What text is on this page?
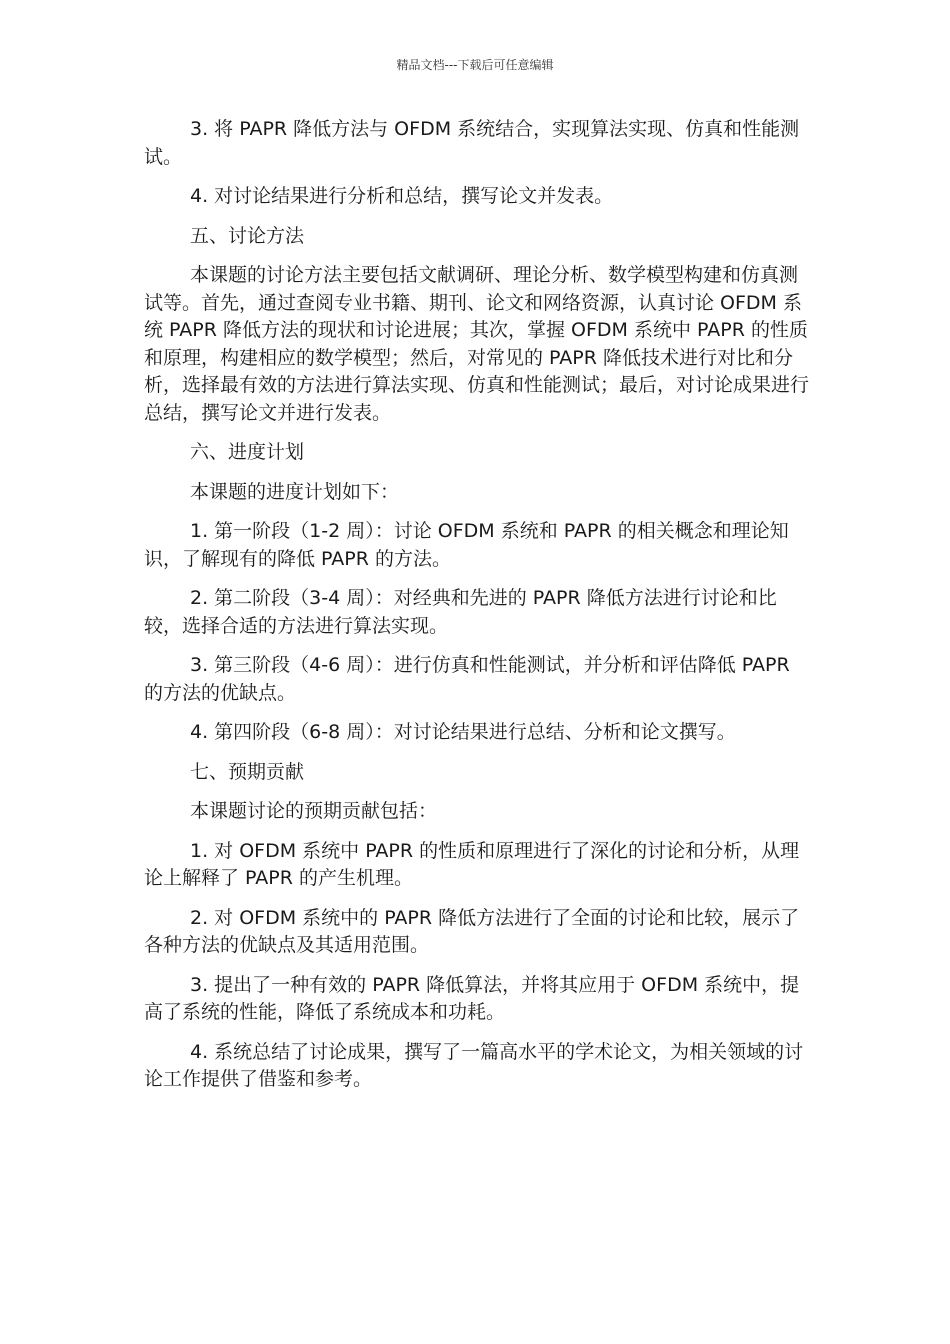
精品文档---下载后可任意编辑

3. 将 PAPR 降低方法与 OFDM 系统结合，实现算法实现、仿真和性能测试。

4. 对讨论结果进行分析和总结，撰写论文并发表。

五、讨论方法

本课题的讨论方法主要包括文献调研、理论分析、数学模型构建和仿真测试等。首先，通过查阅专业书籍、期刊、论文和网络资源，认真讨论 OFDM 系统 PAPR 降低方法的现状和讨论进展；其次，掌握 OFDM 系统中 PAPR 的性质和原理，构建相应的数学模型；然后，对常见的 PAPR 降低技术进行对比和分析，选择最有效的方法进行算法实现、仿真和性能测试；最后，对讨论成果进行总结，撰写论文并进行发表。

六、进度计划

本课题的进度计划如下：

1. 第一阶段（1-2 周）：讨论 OFDM 系统和 PAPR 的相关概念和理论知识，了解现有的降低 PAPR 的方法。

2. 第二阶段（3-4 周）：对经典和先进的 PAPR 降低方法进行讨论和比较，选择合适的方法进行算法实现。

3. 第三阶段（4-6 周）：进行仿真和性能测试，并分析和评估降低 PAPR 的方法的优缺点。

4. 第四阶段（6-8 周）：对讨论结果进行总结、分析和论文撰写。

七、预期贡献

本课题讨论的预期贡献包括：

1. 对 OFDM 系统中 PAPR 的性质和原理进行了深化的讨论和分析，从理论上解释了 PAPR 的产生机理。

2. 对 OFDM 系统中的 PAPR 降低方法进行了全面的讨论和比较，展示了各种方法的优缺点及其适用范围。

3. 提出了一种有效的 PAPR 降低算法，并将其应用于 OFDM 系统中，提高了系统的性能，降低了系统成本和功耗。

4. 系统总结了讨论成果，撰写了一篇高水平的学术论文，为相关领域的讨论工作提供了借鉴和参考。
